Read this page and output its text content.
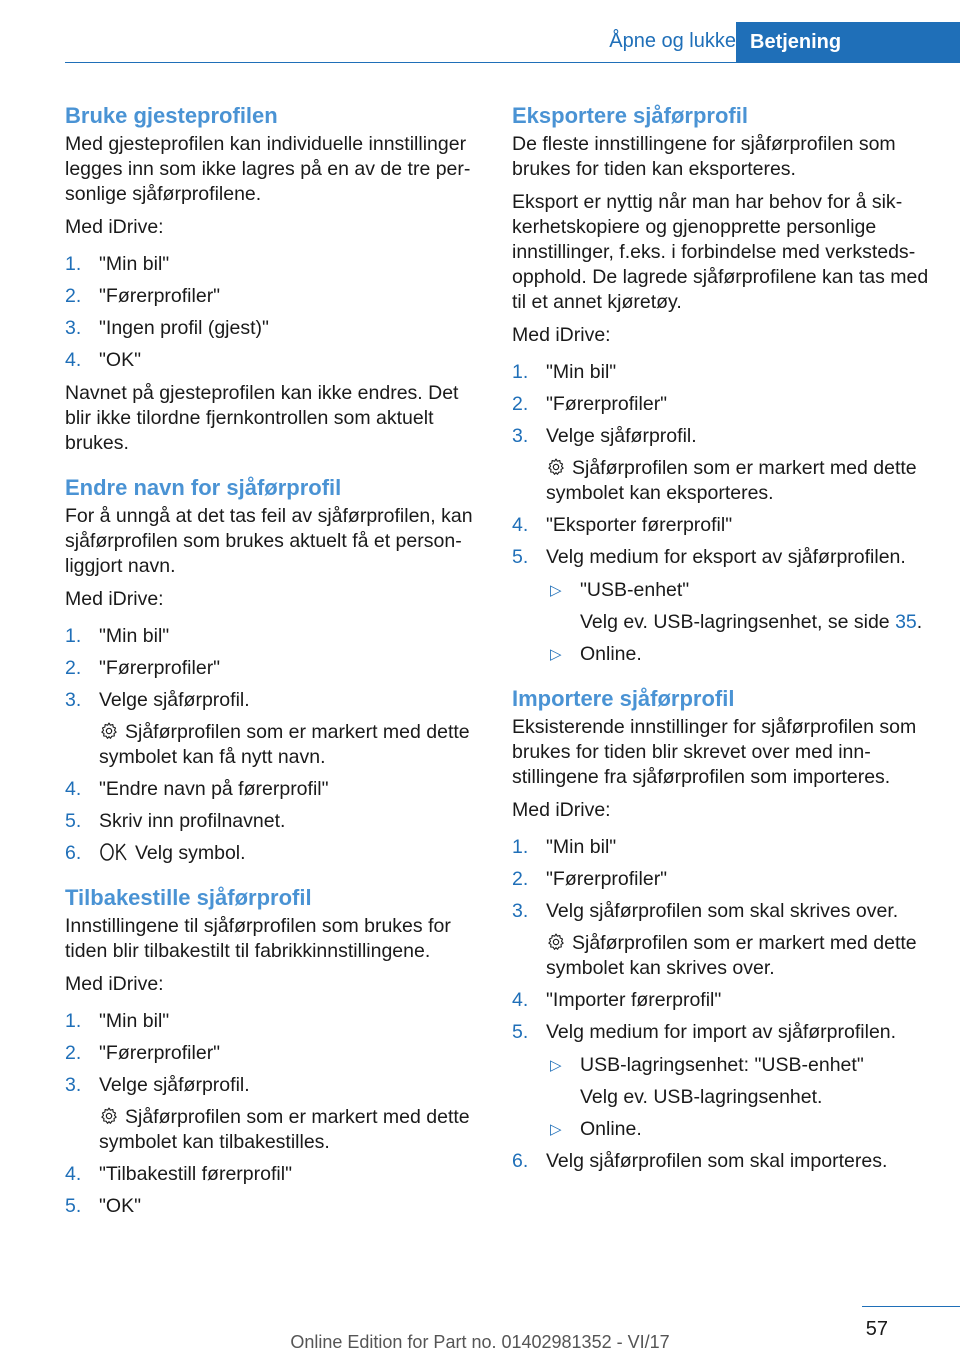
Åpne og lukke Betjening
Bruke gjesteprofilen

Med gjesteprofilen kan individuelle innstillinger legges inn som ikke lagres på en av de tre personlige sjåførprofilene.

Med iDrive:

1. "Min bil"
2. "Førerprofiler"
3. "Ingen profil (gjest)"
4. "OK"

Navnet på gjesteprofilen kan ikke endres. Det blir ikke tilordne fjernkontrollen som aktuelt brukes.

Endre navn for sjåførprofil

For å unngå at det tas feil av sjåførprofilen, kan sjåførprofilen som brukes aktuelt få et personliggjort navn.

Med iDrive:

1. "Min bil"
2. "Førerprofiler"
3. Velge sjåførprofil.
Sjåførprofilen som er markert med dette symbolet kan få nytt navn.
4. "Endre navn på førerprofil"
5. Skriv inn profilnavnet.
6.	Velg symbol.
Tilbakestille sjåførprofil

Innstillingene til sjåførprofilen som brukes for tiden blir tilbakestilt til fabrikkinnstillingene.

Med iDrive:

1. "Min bil"
2. "Førerprofiler"
3. Velge sjåførprofil.
Sjåførprofilen som er markert med dette symbolet kan tilbakestilles.
4. "Tilbakestill førerprofil"
5. "OK"
Eksportere sjåførprofil

De fleste innstillingene for sjåførprofilen som brukes for tiden kan eksporteres.

Eksport er nyttig når man har behov for å sikkerhetskopiere og gjenopprette personlige innstillinger, f.eks. i forbindelse med verkstedsopphold. De lagrede sjåførprofilene kan tas med til et annet kjøretøy.

Med iDrive:

1. "Min bil"
2. "Førerprofiler"
3. Velge sjåførprofil.
Sjåførprofilen som er markert med dette symbolet kan eksporteres.
4. "Eksporter førerprofil"
5. Velg medium for eksport av sjåførprofilen.
▷ "USB-enhet"
Velg ev. USB-lagringsenhet, se side 35.
▷ Online.
Importere sjåførprofil

Eksisterende innstillinger for sjåførprofilen som brukes for tiden blir skrevet over med innstillingene fra sjåførprofilen som importeres.

Med iDrive:

1. "Min bil"
2. "Førerprofiler"
3. Velg sjåførprofilen som skal skrives over.
Sjåførprofilen som er markert med dette symbolet kan skrives over.
4. "Importer førerprofil"
5. Velg medium for import av sjåførprofilen.
▷ USB-lagringsenhet: "USB-enhet"
Velg ev. USB-lagringsenhet.
▷ Online.
6. Velg sjåførprofilen som skal importeres.
57
Online Edition for Part no. 01402981352 - VI/17
